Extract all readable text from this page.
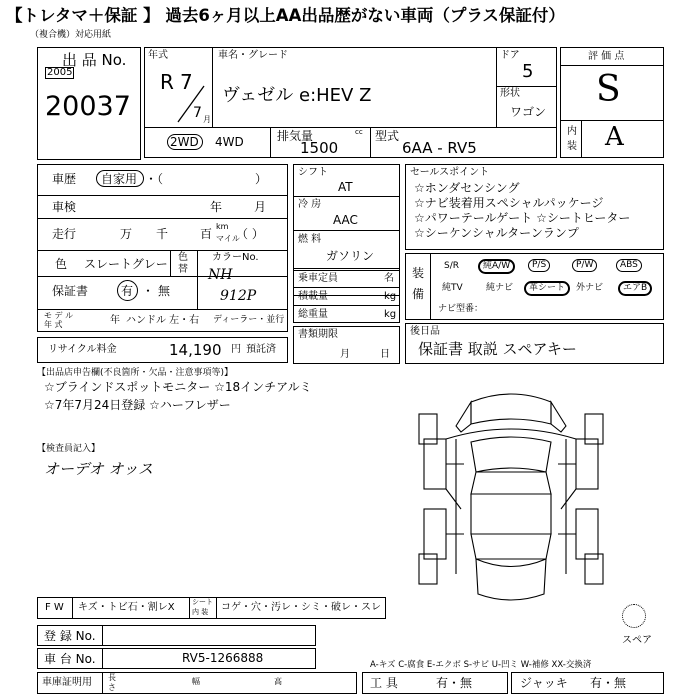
【トレタマ＋保証 】 過去6ヶ月以上AA出品歴がない車両（プラス保証付）
（複合機）対応用紙
出 品 No.
2005
20037
年式
R 7
7 月
車名・グレード
ヴェゼル e:HEV Z
ドア
5
形状
ワゴン
2WD 4WD	排気量	cc
1500
型式
6AA - RV5
評 価 点
S
内
装 A
車歴 自家用 ・（	）
車検	年	月
走行	万 千	百
km
マイル
（ ）
色 スレートグレー 色
替
カラーNo.
NH
912P
保証書	有 ・ 無
モ デ ル
年 式	年 ハンドル 左・右 ディーラー・並行
リサイクル料金	14,190 円 預託済
シフト
AT
冷 房
AAC
燃 料
ガソリン
乗車定員	名
積載量	kg
総重量	kg
書類期限
月	日
セールスポイント
☆ホンダセンシング
☆ナビ装着用スペシャルパッケージ
☆パワーテールゲート ☆シートヒーター
☆シーケンシャルターンランプ
装
備
S/R	純A/W	P/S	P/W	ABS
純TV	純ナビ	革シート	外ナビ	エアB
ナビ型番：
後日品
保証書 取説 スペアキー
【出品店申告欄(不良箇所・欠品・注意事項等)】
☆ブラインドスポットモニター ☆18インチアルミ
☆7年7月24日登録 ☆ハーフレザー
【検査員記入】
オーデオ オッス
スペア
F W キズ・トビ石・割レX シート
内 装 コゲ・穴・汚レ・シミ・破レ・スレ
登 録 No.
車 台 No.	RV5-1266888	A-キズ C-腐食 E-エクボ S-サビ U-凹ミ W-補修 XX-交換済
車庫証明用 長
さ
幅	高	工 具	有・無	ジャッキ 有・無
